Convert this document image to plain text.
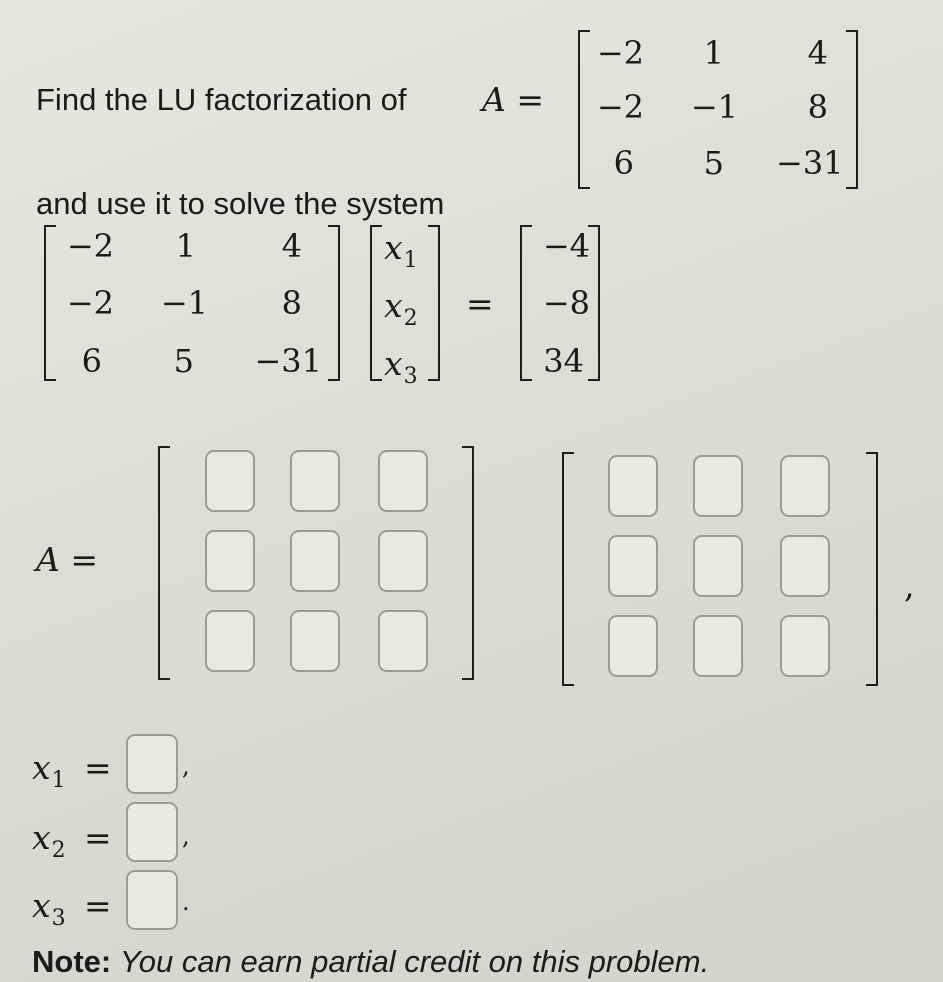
Find the LU factorization of A =
−2	1	4
−2	−1	8
6	5 −31
and use it to solve the system
−2	1	4
−2	−1	8
6	5 −31
$x_1$
$x_2$
$x_3$
=
−4
−8
34
A =
,
$x_1$ =	,
$x_2$ =	,
$x_3$ =	.
Note: You can earn partial credit on this problem.
